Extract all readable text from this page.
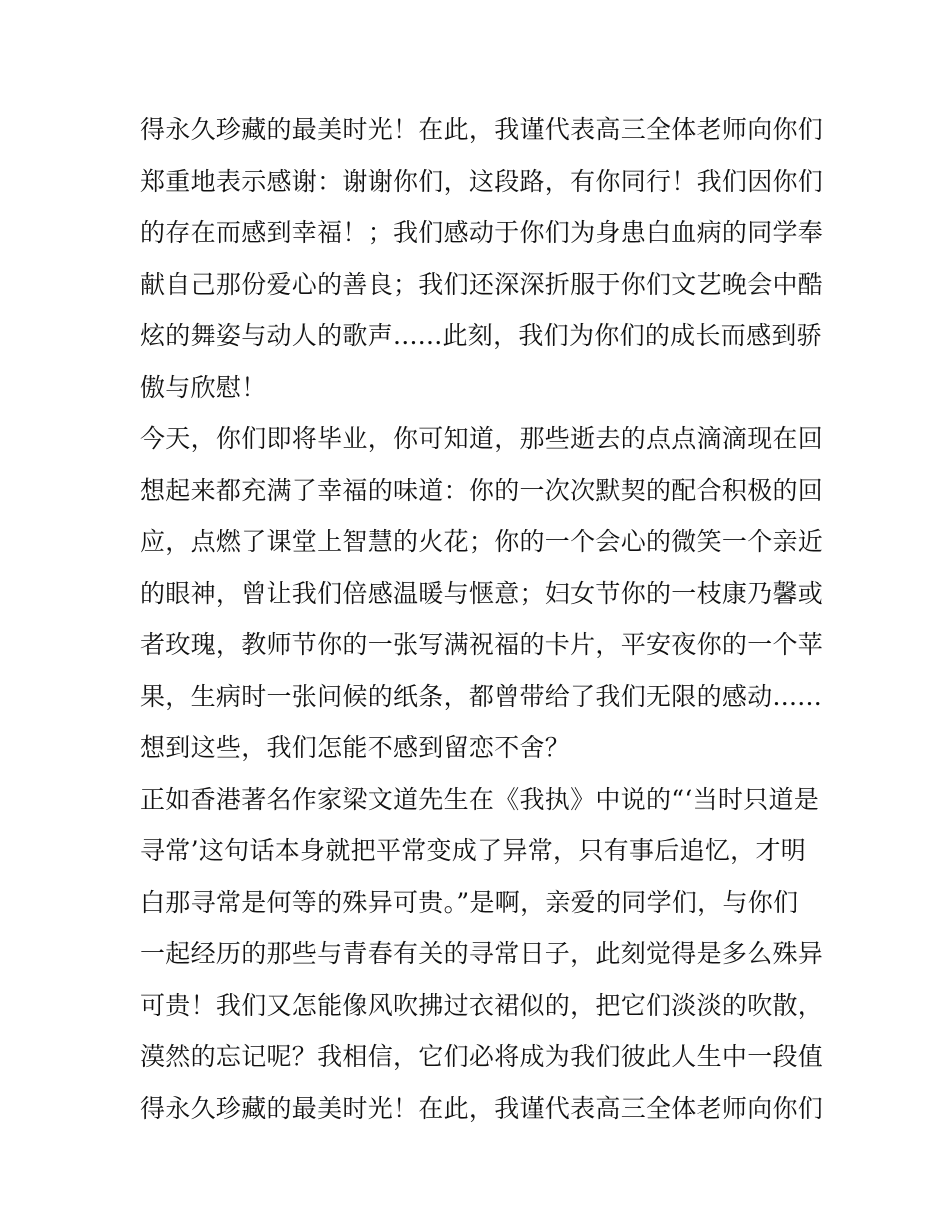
得永久珍藏的最美时光！在此，我谨代表高三全体老师向你们
郑重地表示感谢：谢谢你们，这段路，有你同行！我们因你们
的存在而感到幸福！；我们感动于你们为身患白血病的同学奉
献自己那份爱心的善良；我们还深深折服于你们文艺晚会中酷
炫的舞姿与动人的歌声......此刻，我们为你们的成长而感到骄
傲与欣慰！
今天，你们即将毕业，你可知道，那些逝去的点点滴滴现在回
想起来都充满了幸福的味道：你的一次次默契的配合积极的回
应，点燃了课堂上智慧的火花；你的一个会心的微笑一个亲近
的眼神，曾让我们倍感温暖与惬意；妇女节你的一枝康乃馨或
者玫瑰，教师节你的一张写满祝福的卡片，平安夜你的一个苹
果，生病时一张问候的纸条，都曾带给了我们无限的感动......
想到这些，我们怎能不感到留恋不舍？
正如香港著名作家梁文道先生在《我执》中说的“‘当时只道是
寻常’这句话本身就把平常变成了异常，只有事后追忆，才明
白那寻常是何等的殊异可贵。”是啊，亲爱的同学们，与你们
一起经历的那些与青春有关的寻常日子，此刻觉得是多么殊异
可贵！我们又怎能像风吹拂过衣裙似的，把它们淡淡的吹散，
漠然的忘记呢？我相信，它们必将成为我们彼此人生中一段值
得永久珍藏的最美时光！在此，我谨代表高三全体老师向你们
